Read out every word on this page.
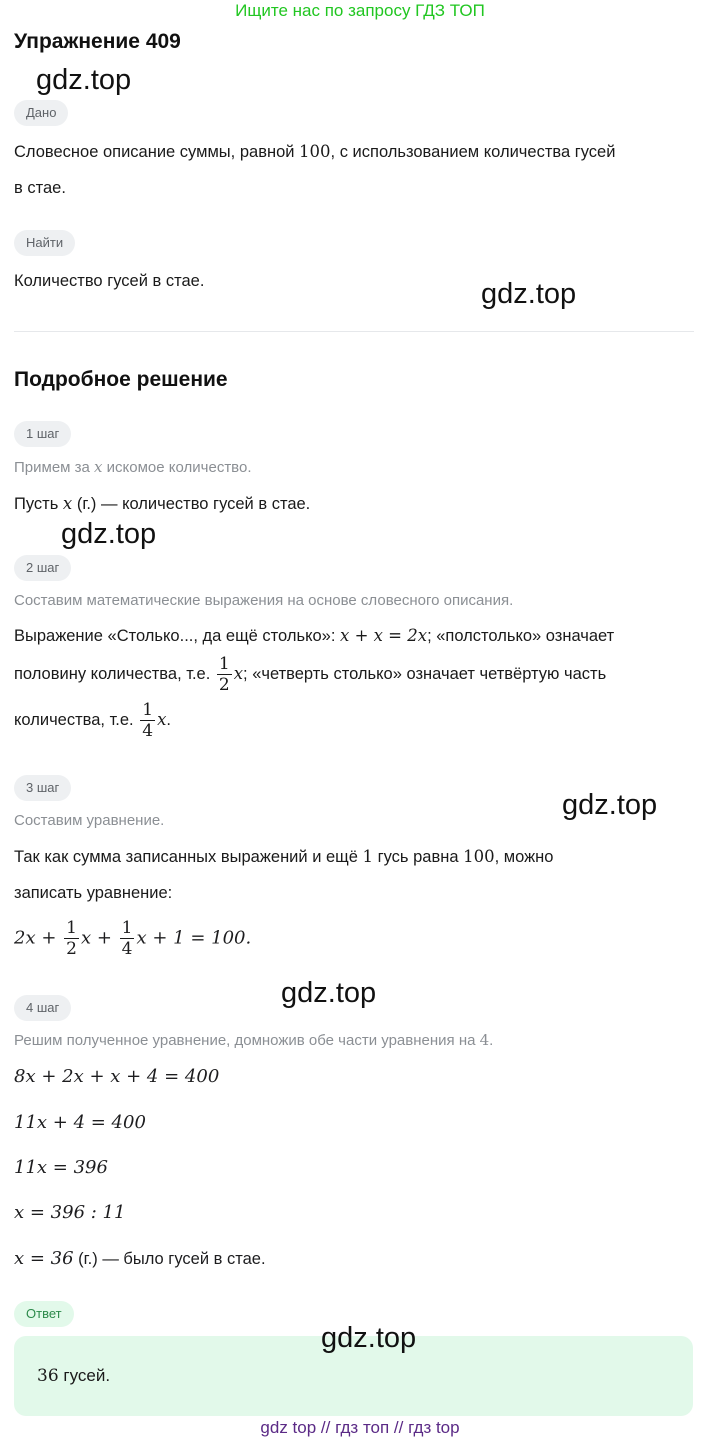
Ищите нас по запросу ГДЗ ТОП
Упражнение 409
gdz.top
gdz.top
gdz.top
gdz.top
gdz.top
Дано
Словесное описание суммы, равной 100, с использованием количества гусей
в стае.
Найти
Количество гусей в стае.
Подробное решение
1 шаг
Примем за x искомое количество.
Пусть x (г.) — количество гусей в стае.
2 шаг
Составим математические выражения на основе словесного описания.
Выражение «Столько..., да ещё столько»: x + x = 2x; «полстолько» означает
половину количества, т.е. $\frac{1}{2} x$; «четверть столько» означает четвёртую часть
количества, т.е. $\frac{1}{4} x$.
3 шаг
Составим уравнение.
Так как сумма записанных выражений и ещё 1 гусь равна 100, можно
записать уравнение:
$2x + \frac{1}{2}$ $x + \frac{1}{4}$ x + 1 = 100.
4 шаг
Решим полученное уравнение, домножив обе части уравнения на 4.
8x + 2x + x + 4 = 400
11x + 4 = 400
11x = 396
x = 396 : 11
x = 36 (г.) — было гусей в стае.
Ответ
36 гусей.
gdz.top
gdz top // гдз топ // гдз top
